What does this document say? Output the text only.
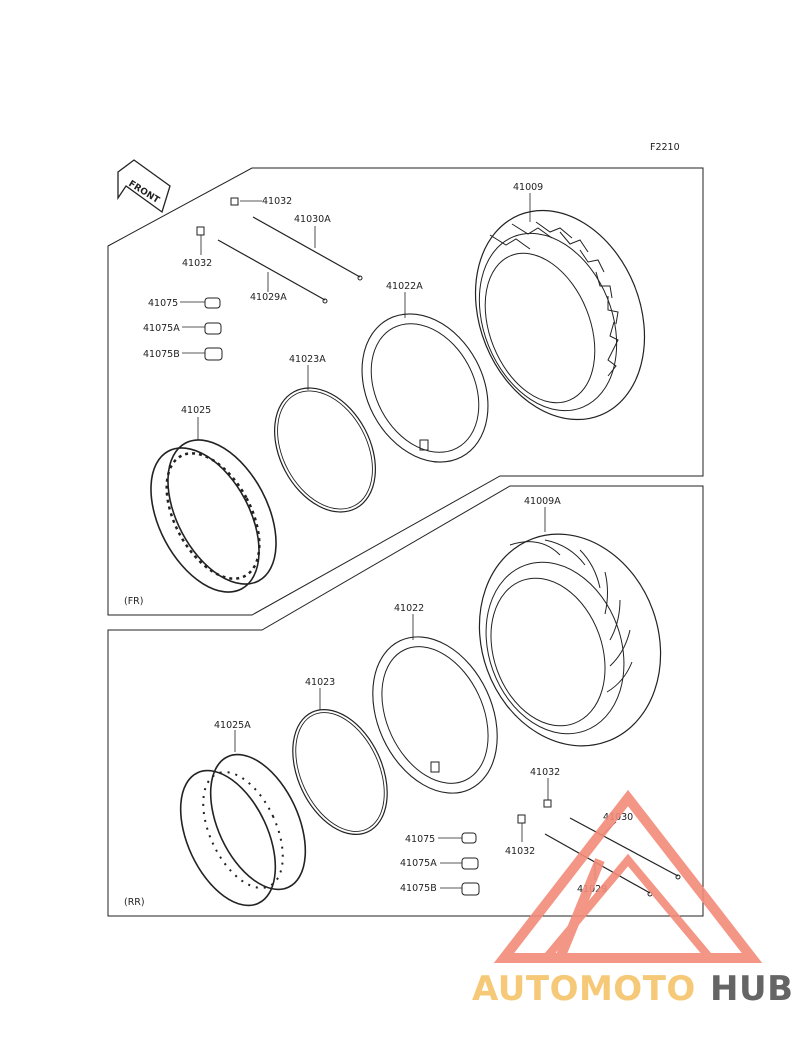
F2210
FRONT	41009
41022A
41023A
41025
41030A
41029A
41032
41032
41075
41075A
41075B
(FR)
41009A
41022
41023
41025A
41032
41032
41030
41029
41075
41075A
41075B
(RR)
AUTOMOTO HUB
